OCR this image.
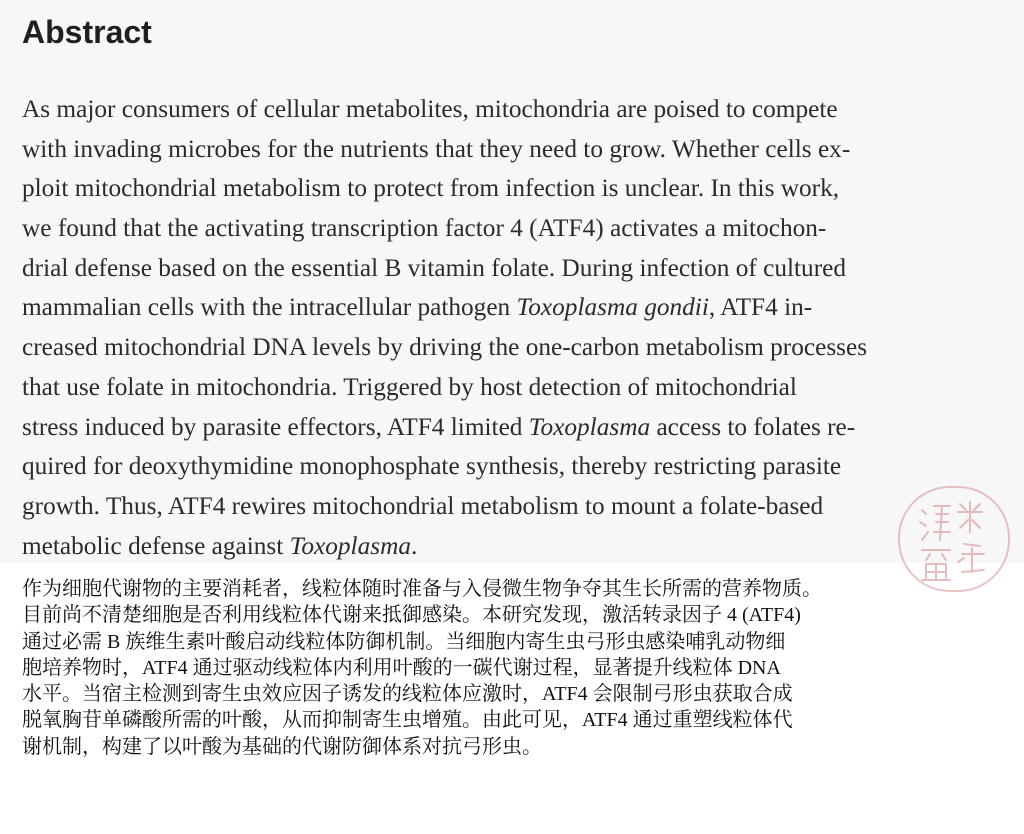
Abstract
As major consumers of cellular metabolites, mitochondria are poised to compete
with invading microbes for the nutrients that they need to grow. Whether cells ex-
ploit mitochondrial metabolism to protect from infection is unclear. In this work,
we found that the activating transcription factor 4 (ATF4) activates a mitochon-
drial defense based on the essential B vitamin folate. During infection of cultured
mammalian cells with the intracellular pathogen Toxoplasma gondii, ATF4 in-
creased mitochondrial DNA levels by driving the one-carbon metabolism processes
that use folate in mitochondria. Triggered by host detection of mitochondrial
stress induced by parasite effectors, ATF4 limited Toxoplasma access to folates re-
quired for deoxythymidine monophosphate synthesis, thereby restricting parasite
growth. Thus, ATF4 rewires mitochondrial metabolism to mount a folate-based
metabolic defense against Toxoplasma.
作为细胞代谢物的主要消耗者，线粒体随时准备与入侵微生物争夺其生长所需的营养物质。
目前尚不清楚细胞是否利用线粒体代谢来抵御感染。本研究发现，激活转录因子 4 (ATF4)
通过必需 B 族维生素叶酸启动线粒体防御机制。当细胞内寄生虫弓形虫感染哺乳动物细
胞培养物时，ATF4 通过驱动线粒体内利用叶酸的一碳代谢过程，显著提升线粒体 DNA
水平。当宿主检测到寄生虫效应因子诱发的线粒体应激时，ATF4 会限制弓形虫获取合成
脱氧胸苷单磷酸所需的叶酸，从而抑制寄生虫增殖。由此可见，ATF4 通过重塑线粒体代
谢机制，构建了以叶酸为基础的代谢防御体系对抗弓形虫。
